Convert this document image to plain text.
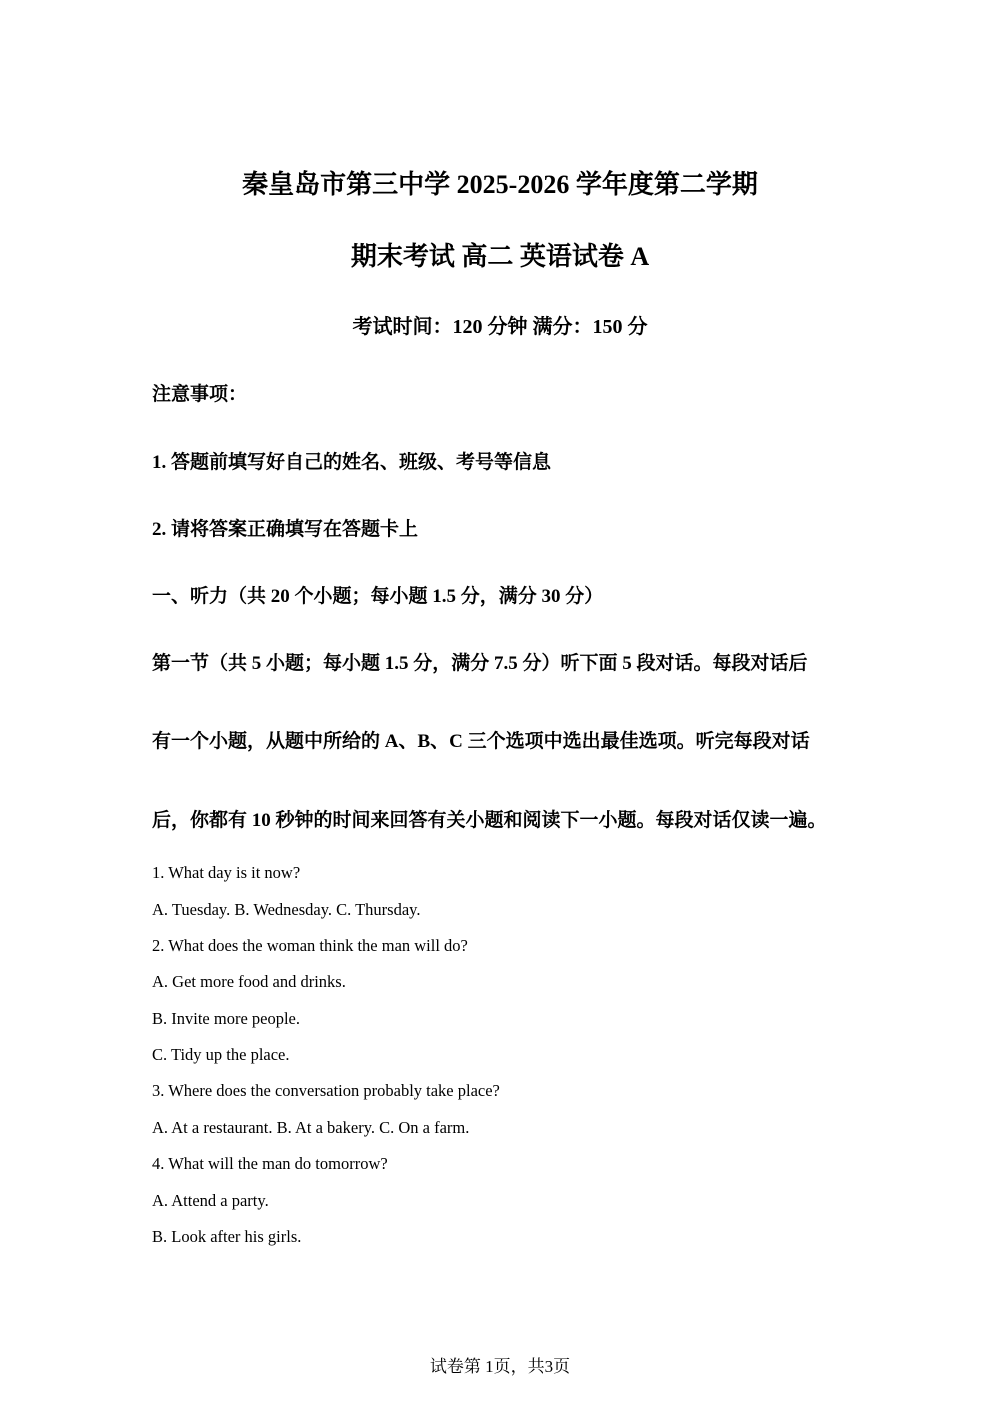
秦皇岛市第三中学 2025-2026 学年度第二学期
期末考试 高二 英语试卷 A
考试时间：120 分钟 满分：150 分
注意事项：
1. 答题前填写好自己的姓名、班级、考号等信息
2. 请将答案正确填写在答题卡上
一、听力（共 20 个小题；每小题 1.5 分，满分 30 分）
第一节（共 5 小题；每小题 1.5 分，满分 7.5 分）听下面 5 段对话。每段对话后
有一个小题，从题中所给的 A、B、C 三个选项中选出最佳选项。听完每段对话
后，你都有 10 秒钟的时间来回答有关小题和阅读下一小题。每段对话仅读一遍。
1. What day is it now?
A. Tuesday. B. Wednesday. C. Thursday.
2. What does the woman think the man will do?
A. Get more food and drinks.
B. Invite more people.
C. Tidy up the place.
3. Where does the conversation probably take place?
A. At a restaurant. B. At a bakery. C. On a farm.
4. What will the man do tomorrow?
A. Attend a party.
B. Look after his girls.
试卷第 1页，共3页
